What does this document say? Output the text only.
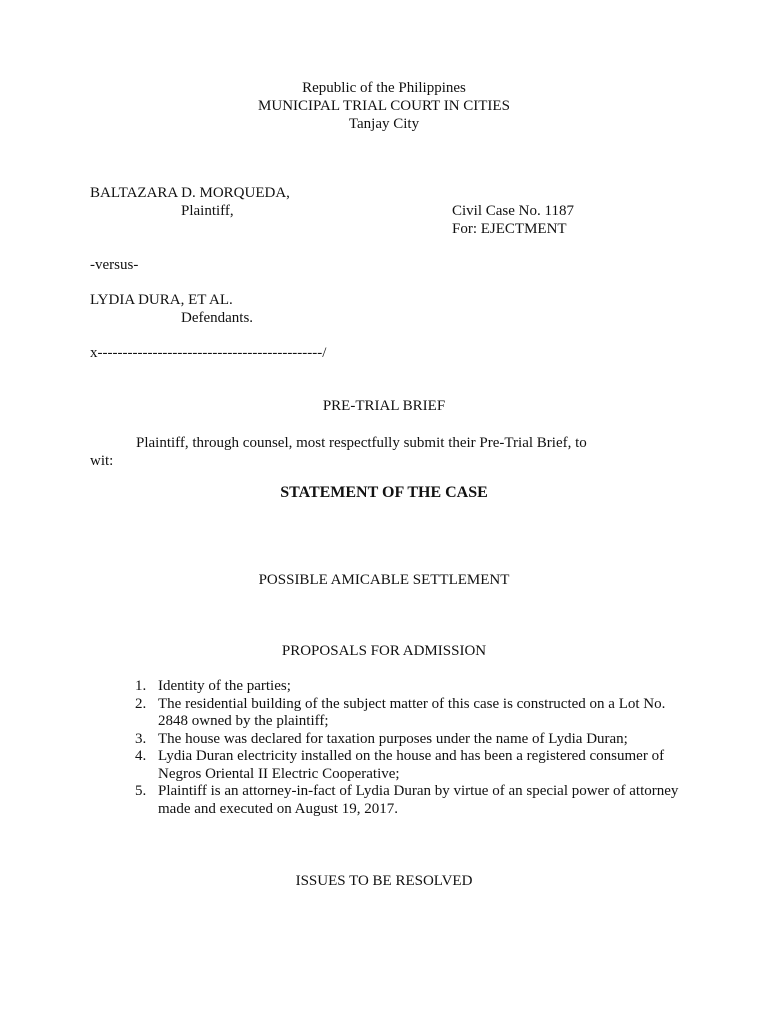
Republic of the Philippines
MUNICIPAL TRIAL COURT IN CITIES
Tanjay City
BALTAZARA D. MORQUEDA,
Plaintiff,	Civil Case No. 1187
For: EJECTMENT
-versus-
LYDIA DURA, ET AL.
Defendants.
x---------------------------------------------/
PRE-TRIAL BRIEF
Plaintiff, through counsel, most respectfully submit their Pre-Trial Brief, to
wit:
STATEMENT OF THE CASE
POSSIBLE AMICABLE SETTLEMENT
PROPOSALS FOR ADMISSION
1. Identity of the parties;
2. The residential building of the subject matter of this case is constructed on a Lot No. 2848 owned by the plaintiff;
3. The house was declared for taxation purposes under the name of Lydia Duran;
4. Lydia Duran electricity installed on the house and has been a registered consumer of Negros Oriental II Electric Cooperative;
5. Plaintiff is an attorney-in-fact of Lydia Duran by virtue of an special power of attorney made and executed on August 19, 2017.
ISSUES TO BE RESOLVED
